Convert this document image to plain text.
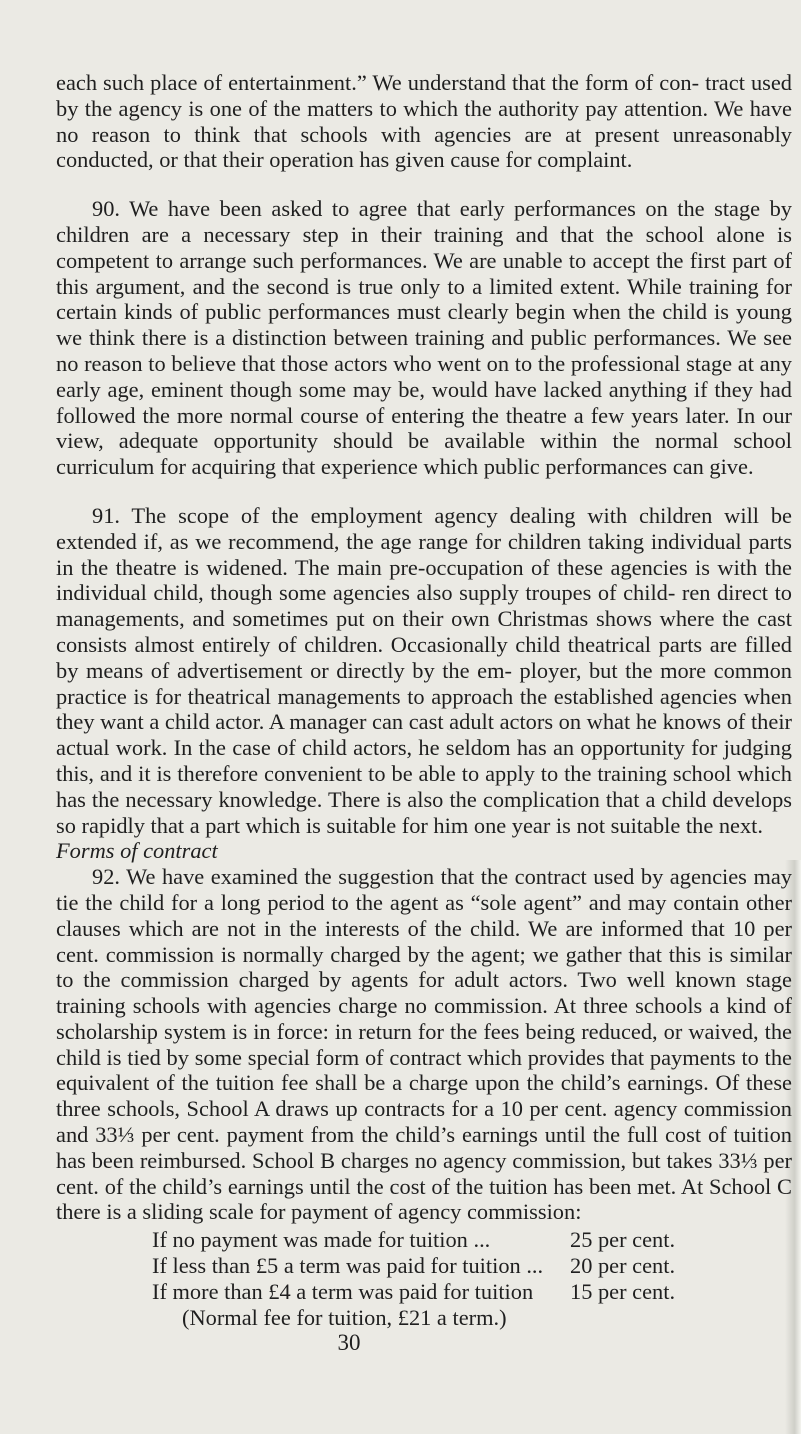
each such place of entertainment.” We understand that the form of con- tract used by the agency is one of the matters to which the authority pay attention. We have no reason to think that schools with agencies are at present unreasonably conducted, or that their operation has given cause for complaint.

90. We have been asked to agree that early performances on the stage by children are a necessary step in their training and that the school alone is competent to arrange such performances. We are unable to accept the first part of this argument, and the second is true only to a limited extent. While training for certain kinds of public performances must clearly begin when the child is young we think there is a distinction between training and public performances. We see no reason to believe that those actors who went on to the professional stage at any early age, eminent though some may be, would have lacked anything if they had followed the more normal course of entering the theatre a few years later. In our view, adequate opportunity should be available within the normal school curriculum for acquiring that experience which public performances can give.

91. The scope of the employment agency dealing with children will be extended if, as we recommend, the age range for children taking individual parts in the theatre is widened. The main pre-occupation of these agencies is with the individual child, though some agencies also supply troupes of child- ren direct to managements, and sometimes put on their own Christmas shows where the cast consists almost entirely of children. Occasionally child theatrical parts are filled by means of advertisement or directly by the em- ployer, but the more common practice is for theatrical managements to approach the established agencies when they want a child actor. A manager can cast adult actors on what he knows of their actual work. In the case of child actors, he seldom has an opportunity for judging this, and it is therefore convenient to be able to apply to the training school which has the necessary knowledge. There is also the complication that a child develops so rapidly that a part which is suitable for him one year is not suitable the next.

Forms of contract

92. We have examined the suggestion that the contract used by agencies may tie the child for a long period to the agent as “sole agent” and may contain other clauses which are not in the interests of the child. We are informed that 10 per cent. commission is normally charged by the agent; we gather that this is similar to the commission charged by agents for adult actors. Two well known stage training schools with agencies charge no commission. At three schools a kind of scholarship system is in force: in return for the fees being reduced, or waived, the child is tied by some special form of contract which provides that payments to the equivalent of the tuition fee shall be a charge upon the child’s earnings. Of these three schools, School A draws up contracts for a 10 per cent. agency commission and 33⅓ per cent. payment from the child’s earnings until the full cost of tuition has been reimbursed. School B charges no agency commission, but takes 33⅓ per cent. of the child’s earnings until the cost of the tuition has been met. At School C there is a sliding scale for payment of agency commission:

If no payment was made for tuition ...	25 per cent.
If less than £5 a term was paid for tuition ...	20 per cent.
If more than £4 a term was paid for tuition	15 per cent.
(Normal fee for tuition, £21 a term.)
30
